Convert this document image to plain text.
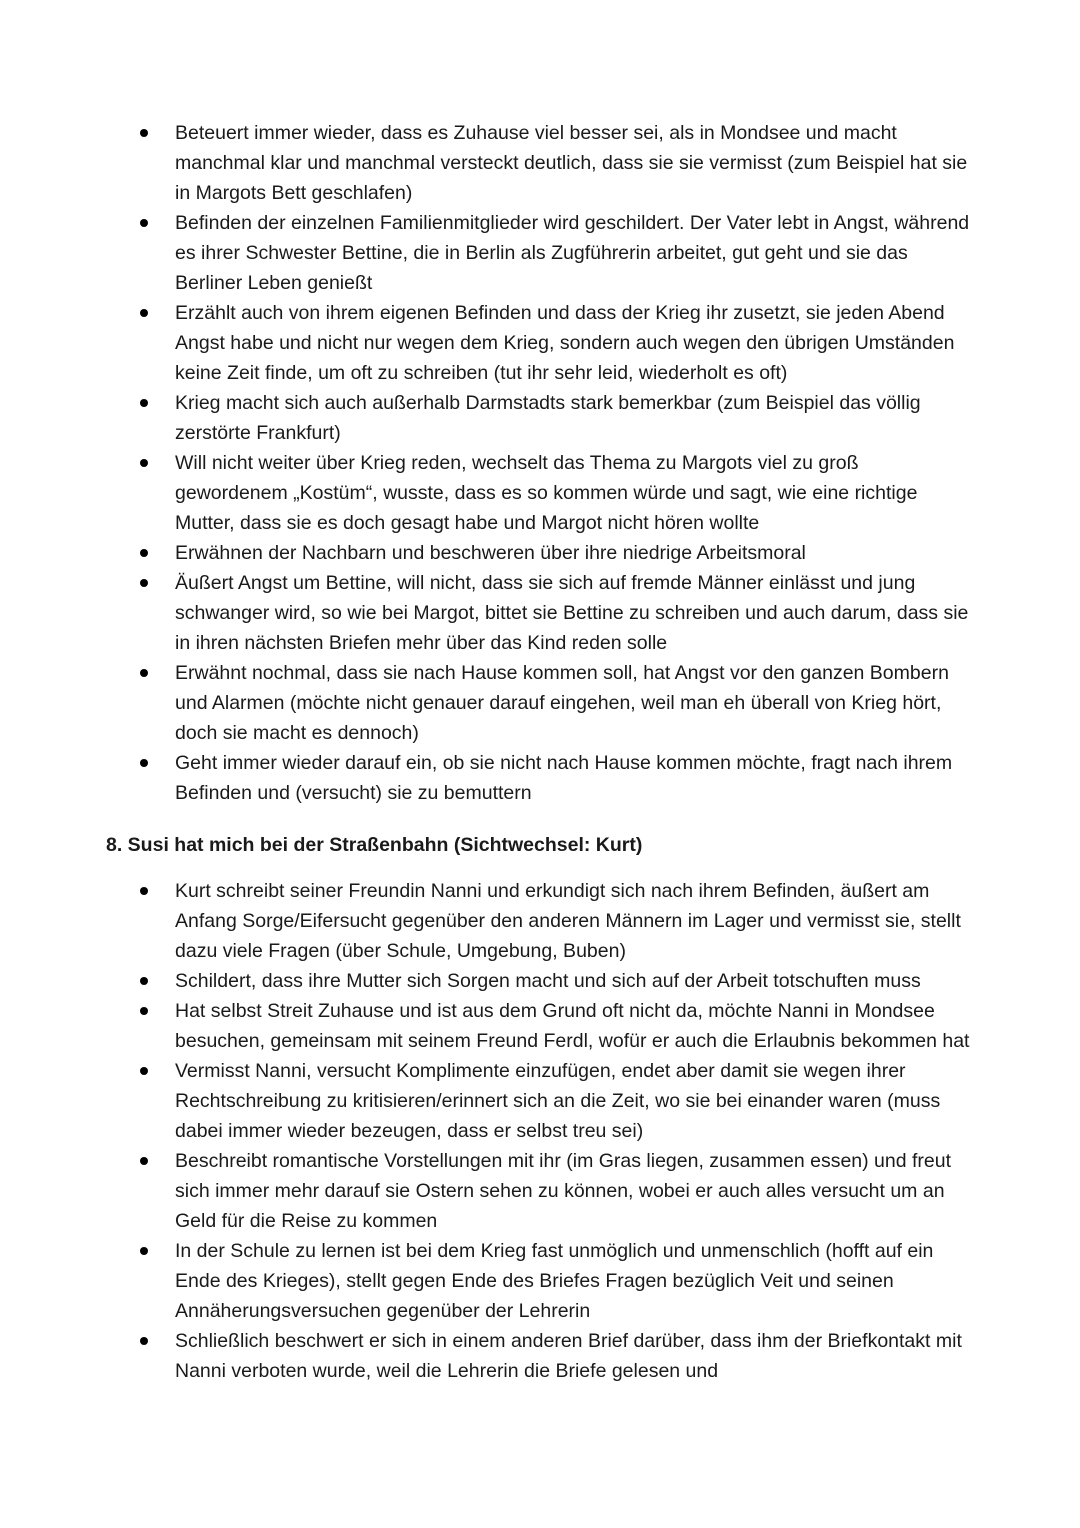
Beteuert immer wieder, dass es Zuhause viel besser sei, als in Mondsee und macht manchmal klar und manchmal versteckt deutlich, dass sie sie vermisst (zum Beispiel hat sie in Margots Bett geschlafen)
Befinden der einzelnen Familienmitglieder wird geschildert. Der Vater lebt in Angst, während es ihrer Schwester Bettine, die in Berlin als Zugführerin arbeitet, gut geht und sie das Berliner Leben genießt
Erzählt auch von ihrem eigenen Befinden und dass der Krieg ihr zusetzt, sie jeden Abend Angst habe und nicht nur wegen dem Krieg, sondern auch wegen den übrigen Umständen keine Zeit finde, um oft zu schreiben (tut ihr sehr leid, wiederholt es oft)
Krieg macht sich auch außerhalb Darmstadts stark bemerkbar (zum Beispiel das völlig zerstörte Frankfurt)
Will nicht weiter über Krieg reden, wechselt das Thema zu Margots viel zu groß gewordenem „Kostüm“, wusste, dass es so kommen würde und sagt, wie eine richtige Mutter, dass sie es doch gesagt habe und Margot nicht hören wollte
Erwähnen der Nachbarn und beschweren über ihre niedrige Arbeitsmoral
Äußert Angst um Bettine, will nicht, dass sie sich auf fremde Männer einlässt und jung schwanger wird, so wie bei Margot, bittet sie Bettine zu schreiben und auch darum, dass sie in ihren nächsten Briefen mehr über das Kind reden solle
Erwähnt nochmal, dass sie nach Hause kommen soll, hat Angst vor den ganzen Bombern und Alarmen (möchte nicht genauer darauf eingehen, weil man eh überall von Krieg hört, doch sie macht es dennoch)
Geht immer wieder darauf ein, ob sie nicht nach Hause kommen möchte, fragt nach ihrem Befinden und (versucht) sie zu bemuttern
8. Susi hat mich bei der Straßenbahn (Sichtwechsel: Kurt)
Kurt schreibt seiner Freundin Nanni und erkundigt sich nach ihrem Befinden, äußert am Anfang Sorge/Eifersucht gegenüber den anderen Männern im Lager und vermisst sie, stellt dazu viele Fragen (über Schule, Umgebung, Buben)
Schildert, dass ihre Mutter sich Sorgen macht und sich auf der Arbeit totschuften muss
Hat selbst Streit Zuhause und ist aus dem Grund oft nicht da, möchte Nanni in Mondsee besuchen, gemeinsam mit seinem Freund Ferdl, wofür er auch die Erlaubnis bekommen hat
Vermisst Nanni, versucht Komplimente einzufügen, endet aber damit sie wegen ihrer Rechtschreibung zu kritisieren/erinnert sich an die Zeit, wo sie bei einander waren (muss dabei immer wieder bezeugen, dass er selbst treu sei)
Beschreibt romantische Vorstellungen mit ihr (im Gras liegen, zusammen essen) und freut sich immer mehr darauf sie Ostern sehen zu können, wobei er auch alles versucht um an Geld für die Reise zu kommen
In der Schule zu lernen ist bei dem Krieg fast unmöglich und unmenschlich (hofft auf ein Ende des Krieges), stellt gegen Ende des Briefes Fragen bezüglich Veit und seinen Annäherungsversuchen gegenüber der Lehrerin
Schließlich beschwert er sich in einem anderen Brief darüber, dass ihm der Briefkontakt mit Nanni verboten wurde, weil die Lehrerin die Briefe gelesen und
